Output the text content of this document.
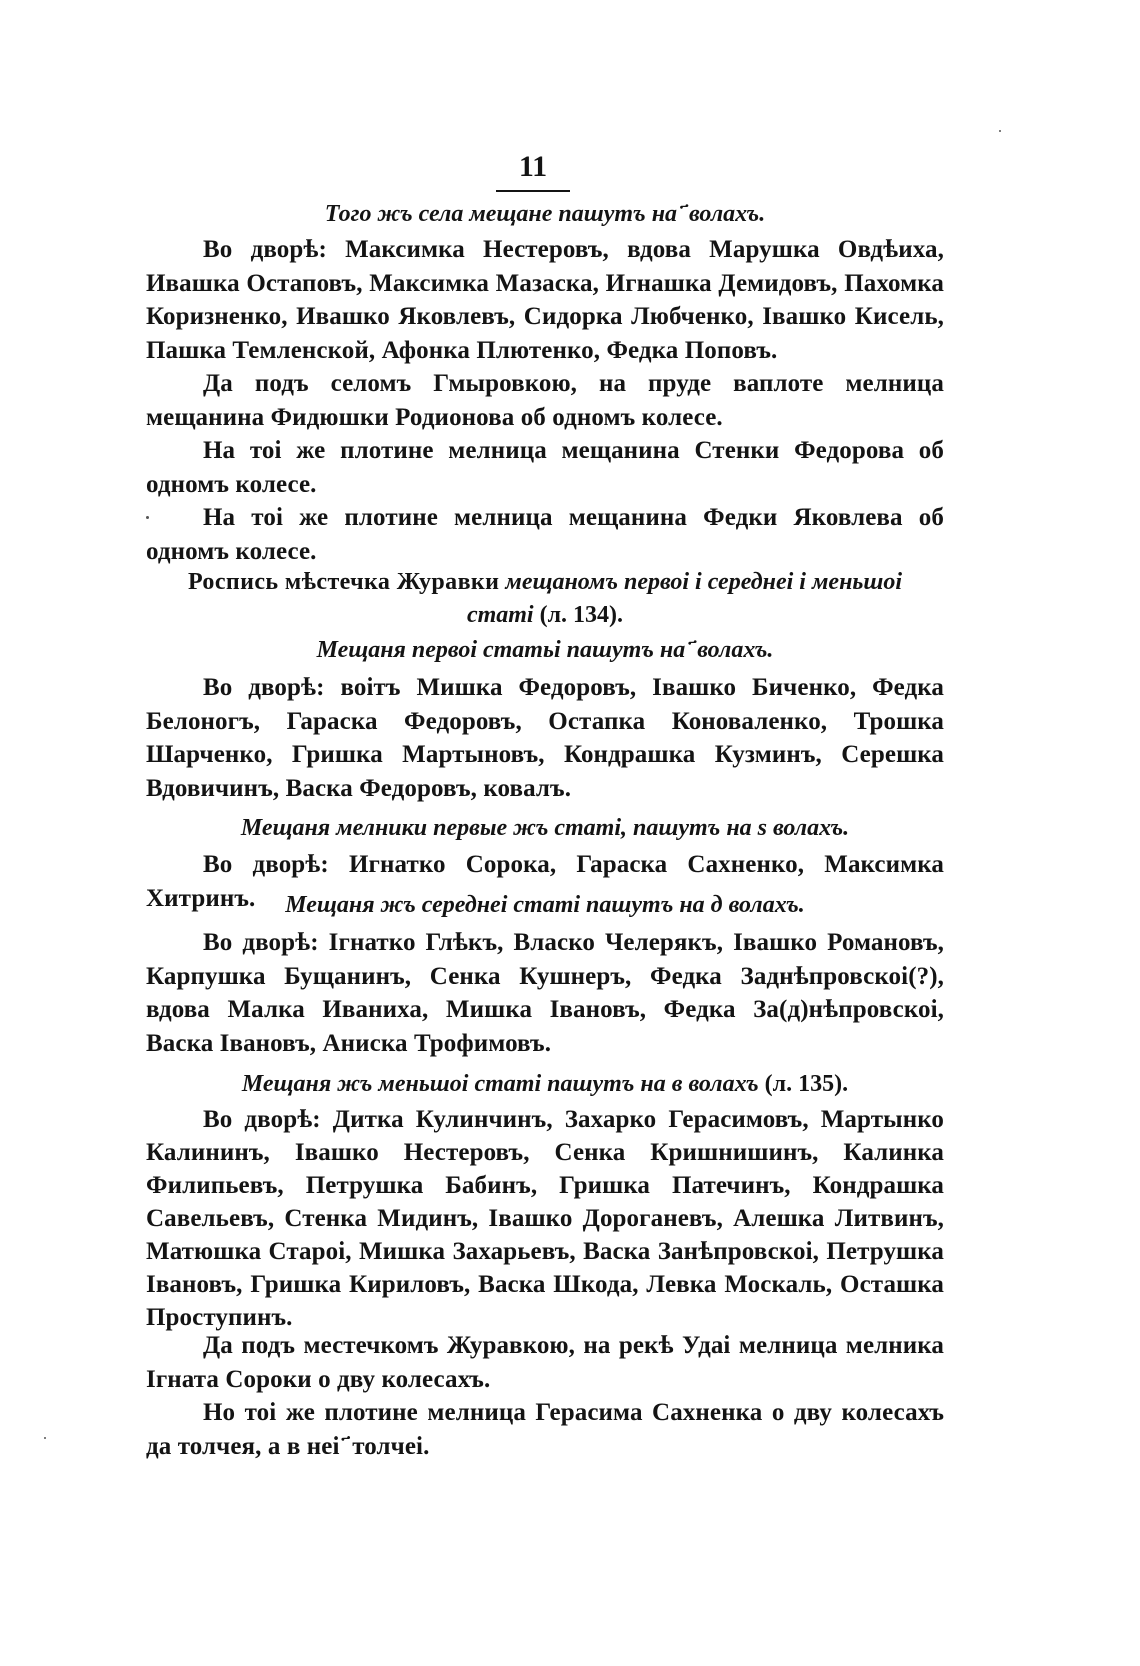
11
Того жъ села мещане пашутъ на ҃ волахъ.

Во дворѣ: Максимка Нестеровъ, вдова Марушка Овдѣиха, Ивашка Остаповъ, Максимка Мазаска, Игнашка Демидовъ, Пахомка Коризненко, Ивашко Яковлевъ, Сидорка Любченко, Івашко Кисель, Пашка Темленской, Афонка Плютенко, Федка Поповъ.

Да подъ селомъ Гмыровкою, на пруде ваплоте мелница мещанина Фидюшки Родионова об одномъ колесе.

На тоі же плотине мелница мещанина Стенки Федорова об одномъ колесе.

На тоі же плотине мелница мещанина Федки Яковлева об одномъ колесе.

Роспись мѣстечка Журавки мещаномъ первоі і середнеі і меньшоі
стаmі (л. 134).
Мещаня первоі сmатьі пашутъ на ҃ волахъ.

Во дворѣ: воітъ Мишка Федоровъ, Івашко Биченко, Федка Белоногъ, Гараска Федоровъ, Остапка Коноваленко, Трошка Шарченко, Гришка Мартыновъ, Кондрашка Кузминъ, Серешка Вдовичинъ, Васка Федоровъ, ковалъ.

Мещаня мелники первые жъ стаmі, пашутъ на s волахъ.

Во дворѣ: Игнатко Сорока, Гараска Сахненко, Максимка Хитринъ.	Мещаня жъ середнеі стаmі пашутъ на д волахъ.

Во дворѣ: Ігнатко Глѣкъ, Власко Челерякъ, Івашко Романовъ, Карпушка Бущанинъ, Сенка Кушнеръ, Федка Заднѣпровскоі(?), вдова Малка Иваниха, Мишка Івановъ, Федка За(д)нѣпровскоі, Васка Івановъ, Аниска Трофимовъ.

Мещаня жъ меньшоі стаmі пашутъ на в волахъ (л. 135).

Во дворѣ: Дитка Кулинчинъ, Захарко Герасимовъ, Мартынко Калининъ, Івашко Нестеровъ, Сенка Кришнишинъ, Калинка Филипьевъ, Петрушка Бабинъ, Гришка Патечинъ, Кондрашка Савельевъ, Стенка Мидинъ, Івашко Дороганевъ, Алешка Литвинъ, Матюшка Староі, Мишка Захарьевъ, Васка Занѣпровскоі, Петрушка Івановъ, Гришка Кириловъ, Васка Шкода, Левка Москаль, Осташка Проступинъ.

Да подъ местечкомъ Журавкою, на рекѣ Удаі мелница мелника Ігната Сороки о дву колесахъ.

Но тоі же плотине мелница Герасима Сахненка о дву колесахъ да толчея, а в неі ҃ толчеі.
